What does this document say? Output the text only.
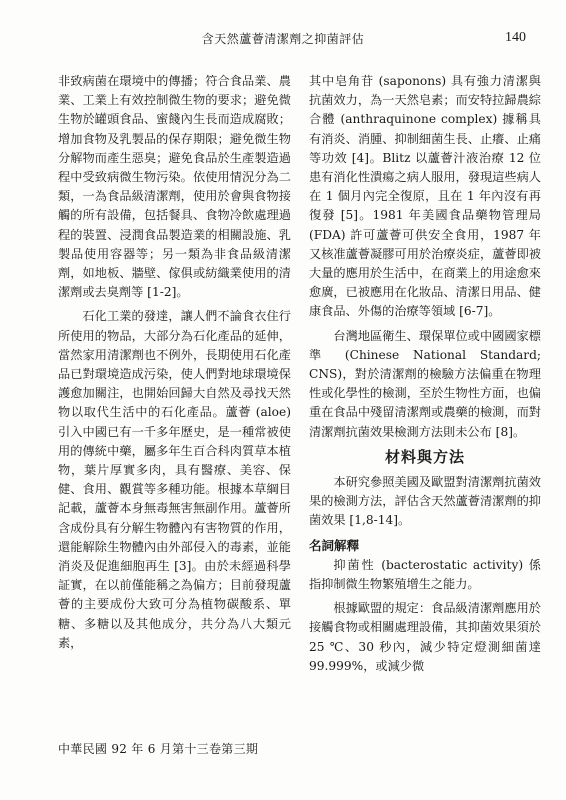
含天然蘆薈清潔劑之抑菌評估	140

非致病菌在環境中的傳播；符合食品業、農業、工業上有效控制微生物的要求；避免微生物於罐頭食品、蜜餞內生長而造成腐敗；增加食物及乳製品的保存期限；避免微生物分解物而產生惡臭；避免食品於生產製造過程中受致病微生物污染。依使用情況分為二類，一為食品級清潔劑，使用於會與食物接觸的所有設備，包括餐具、食物冷飲處理過程的裝置、浸潤食品製造業的相關設施、乳製品使用容器等；另一類為非食品級清潔劑，如地板、牆壁、傢俱或紡織業使用的清潔劑或去臭劑等 [1-2]。

石化工業的發達，讓人們不論食衣住行所使用的物品，大部分為石化產品的延伸，當然家用清潔劑也不例外，長期使用石化產品已對環境造成污染，使人們對地球環境保護愈加關注，也開始回歸大自然及尋找天然物以取代生活中的石化產品。蘆薈 (aloe) 引入中國已有一千多年歷史，是一種常被使用的傳統中藥，屬多年生百合科肉質草本植物，葉片厚實多肉，具有醫療、美容、保健、食用、觀賞等多種功能。根據本草綱目記載，蘆薈本身無毒無害無副作用。蘆薈所含成份具有分解生物體內有害物質的作用，還能解除生物體內由外部侵入的毒素，並能消炎及促進細胞再生 [3]。由於未經過科學証實，在以前僅能稱之為偏方；目前發現蘆薈的主要成份大致可分為植物碳酸系、單糖、多糖以及其他成分，共分為八大類元素，

其中皂角苷 (saponons) 具有強力清潔與抗菌效力，為一天然皂素；而安特拉歸農綜合體 (anthraquinone complex) 據稱具有消炎、消腫、抑制細菌生長、止癢、止痛等功效 [4]。Blitz 以蘆薈汁液治療 12 位患有消化性潰瘍之病人服用，發現這些病人在 1 個月內完全復原，且在 1 年內沒有再復發 [5]。1981 年美國食品藥物管理局 (FDA) 許可蘆薈可供安全食用，1987 年又核准蘆薈凝膠可用於治療炎症，蘆薈即被大量的應用於生活中，在商業上的用途愈來愈廣，已被應用在化妝品、清潔日用品、健康食品、外傷的治療等領域 [6-7]。

台灣地區衛生、環保單位或中國國家標準 (Chinese National Standard; CNS)，對於清潔劑的檢驗方法偏重在物理性或化學性的檢測，至於生物性方面，也偏重在食品中殘留清潔劑或農藥的檢測，而對清潔劑抗菌效果檢測方法則未公布 [8]。

材料與方法

本研究參照美國及歐盟對清潔劑抗菌效果的檢測方法，評估含天然蘆薈清潔劑的抑菌效果 [1,8-14]。

名詞解釋

抑菌性 (bacterostatic activity) 係指抑制微生物繁殖增生之能力。

根據歐盟的規定：食品級清潔劑應用於接觸食物或相關處理設備，其抑菌效果須於 25 ℃、30 秒內，減少特定燈測細菌達 99.999%，或減少微

中華民國 92 年 6 月第十三卷第三期
